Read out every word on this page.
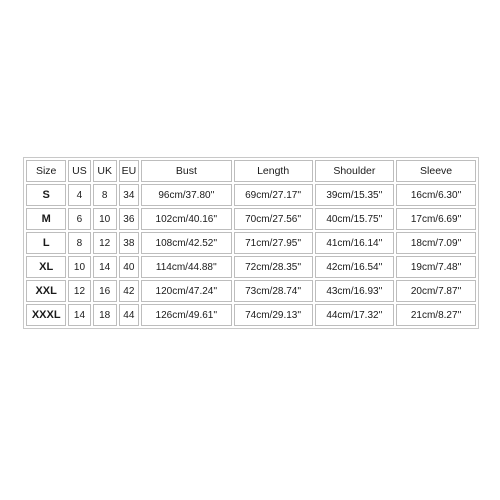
Size	US	UK	EU	Bust	Length	Shoulder	Sleeve
S	4	8	34	96cm/37.80''	69cm/27.17''	39cm/15.35''	16cm/6.30''
M	6	10	36	102cm/40.16''	70cm/27.56''	40cm/15.75''	17cm/6.69''
L	8	12	38	108cm/42.52''	71cm/27.95''	41cm/16.14''	18cm/7.09''
XL	10	14	40	114cm/44.88''	72cm/28.35''	42cm/16.54''	19cm/7.48''
XXL	12	16	42	120cm/47.24''	73cm/28.74''	43cm/16.93''	20cm/7.87''
XXXL	14	18	44	126cm/49.61''	74cm/29.13''	44cm/17.32''	21cm/8.27''
